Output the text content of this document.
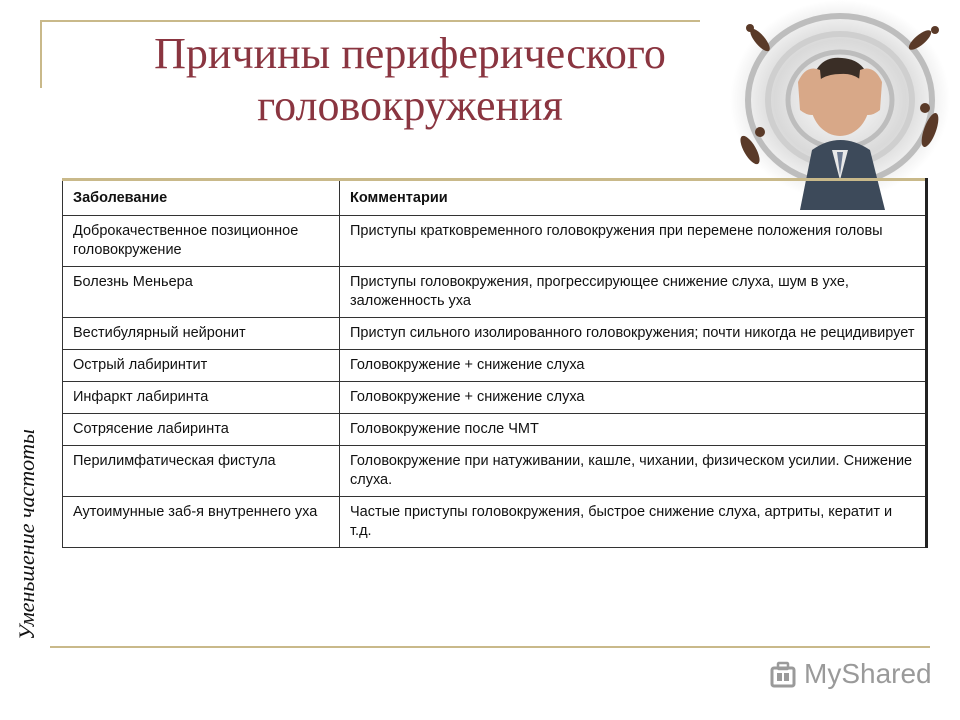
Причины периферического
головокружения
Уменьшение частоты
Заболевание	Комментарии
Доброкачественное позиционное головокружение	Приступы кратковременного головокружения при перемене положения головы
Болезнь Меньера	Приступы головокружения, прогрессирующее снижение слуха, шум в ухе, заложенность уха
Вестибулярный нейронит	Приступ сильного изолированного головокружения; почти никогда не рецидивирует
Острый лабиринтит	Головокружение + снижение слуха
Инфаркт лабиринта	Головокружение + снижение слуха
Сотрясение лабиринта	Головокружение после ЧМТ
Перилимфатическая фистула	Головокружение при натуживании, кашле, чихании, физическом усилии. Снижение слуха.
Аутоимунные заб-я внутреннего уха	Частые приступы головокружения, быстрое снижение слуха, артриты, кератит и т.д.
MyShared
